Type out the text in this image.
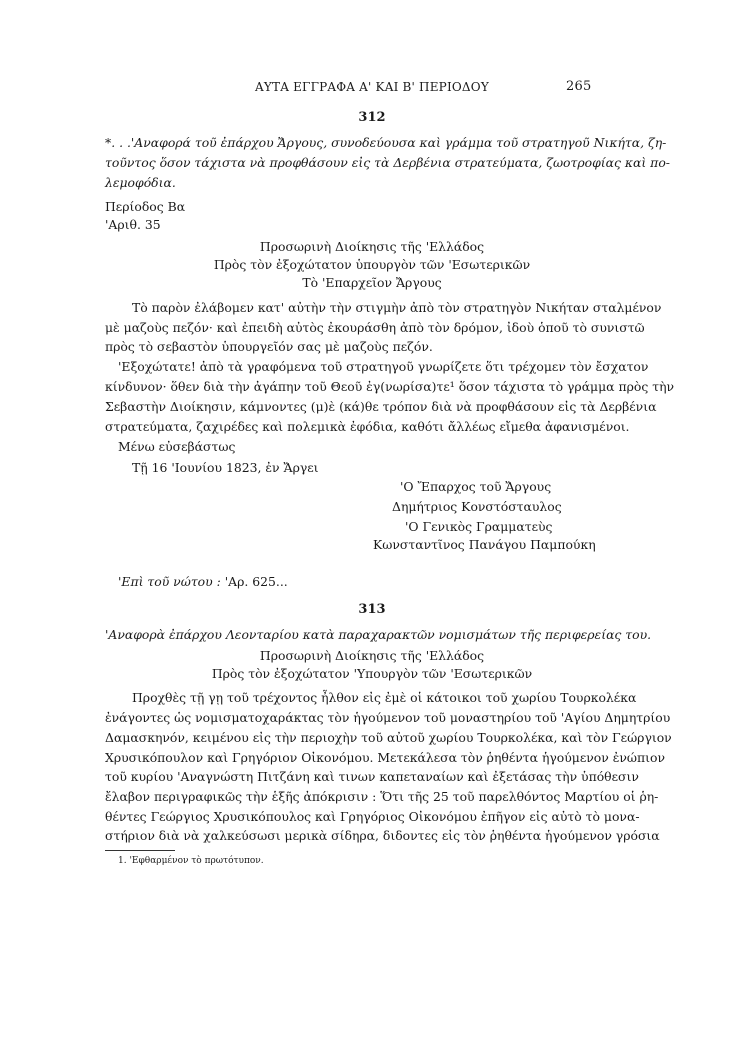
ΑΥΤΑ ΕΓΓΡΑΦΑ Α' ΚΑΙ Β' ΠΕΡΙΟΔΟΥ	265
312
*. . .'Αναφορά τοῦ ἐπάρχου Ἄργους, συνοδεύουσα καὶ γράμμα τοῦ στρατηγοῦ Νικήτα, ζη-
τοῦντος ὅσον τάχιστα νὰ προφθάσουν εἰς τὰ Δερβένια στρατεύματα, ζωοτροφίας καὶ πο-
λεμοφόδια.
Περίοδος Βα
'Αριθ. 35
Προσωρινὴ Διοίκησις τῆς 'Ελλάδος
Πρὸς τὸν ἐξοχώτατον ὑπουργὸν τῶν 'Εσωτερικῶν
Τὸ 'Επαρχεῖον Ἄργους
Τὸ παρὸν ἐλάβομεν κατ' αὐτὴν τὴν στιγμὴν ἀπὸ τὸν στρατηγὸν Νικήταν σταλμένον
μὲ μαζοὺς πεζόν· καὶ ἐπειδὴ αὐτὸς ἐκουράσθη ἀπὸ τὸν δρόμον, ἰδοὺ ὁποῦ τὸ συνιστῶ
πρὸς τὸ σεβαστὸν ὑπουργεῖόν σας μὲ μαζοὺς πεζόν.
'Εξοχώτατε! ἀπὸ τὰ γραφόμενα τοῦ στρατηγοῦ γνωρίζετε ὅτι τρέχομεν τὸν ἔσχατον
κίνδυνον· ὅθεν διὰ τὴν ἀγάπην τοῦ Θεοῦ ἐγ(νωρίσα)τε¹ ὅσον τάχιστα τὸ γράμμα πρὸς τὴν
Σεβαστὴν Διοίκησιν, κάμνοντες (μ)ὲ (κά)θε τρόπον διὰ νὰ προφθάσουν εἰς τὰ Δερβένια
στρατεύματα, ζαχιρέδες καὶ πολεμικὰ ἐφόδια, καθότι ἄλλέως εἴμεθα ἀφανισμένοι.
Μένω εὐσεβάστως
Τῇ 16 'Ιουνίου 1823, ἐν Ἄργει
'Ο Ἔπαρχος τοῦ Ἄργους
Δημήτριος Κονστόσταυλος
'Ο Γενικὸς Γραμματεὺς
Κωνσταντῖνος Πανάγου Παμπούκη
'Επὶ τοῦ νώτου : 'Αρ. 625...
313
'Αναφορὰ ἐπάρχου Λεονταρίου κατὰ παραχαρακτῶν νομισμάτων τῆς περιφερείας του.
Προσωρινὴ Διοίκησις τῆς 'Ελλάδος
Πρὸς τὸν ἐξοχώτατον 'Υπουργὸν τῶν 'Εσωτερικῶν
Προχθὲς τῇ γῃ τοῦ τρέχοντος ἦλθον εἰς ἐμὲ οἱ κάτοικοι τοῦ χωρίου Τουρκολέκα
ἐνάγοντες ὡς νομισματοχαράκτας τὸν ἡγούμενον τοῦ μοναστηρίου τοῦ 'Αγίου Δημητρίου
Δαμασκηνόν, κειμένου εἰς τὴν περιοχὴν τοῦ αὐτοῦ χωρίου Τουρκολέκα, καὶ τὸν Γεώργιον
Χρυσικόπουλον καὶ Γρηγόριον Οἰκονόμου. Μετεκάλεσα τὸν ῥηθέντα ἡγούμενον ἐνώπιον
τοῦ κυρίου 'Αναγνώστη Πιτζάνη καὶ τινων καπεταναίων καὶ ἐξετάσας τὴν ὑπόθεσιν
ἔλαβον περιγραφικῶς τὴν ἑξῆς ἀπόκρισιν : Ὅτι τῆς 25 τοῦ παρελθόντος Μαρτίου οἱ ῥη-
θέντες Γεώργιος Χρυσικόπουλος καὶ Γρηγόριος Οἰκονόμου ἐπῆγον εἰς αὐτὸ τὸ μονα-
στήριον διὰ νὰ χαλκεύσωσι μερικὰ σίδηρα, διδοντες εἰς τὸν ῥηθέντα ἡγούμενον γρόσια
1. 'Εφθαρμένον τὸ πρωτότυπον.
